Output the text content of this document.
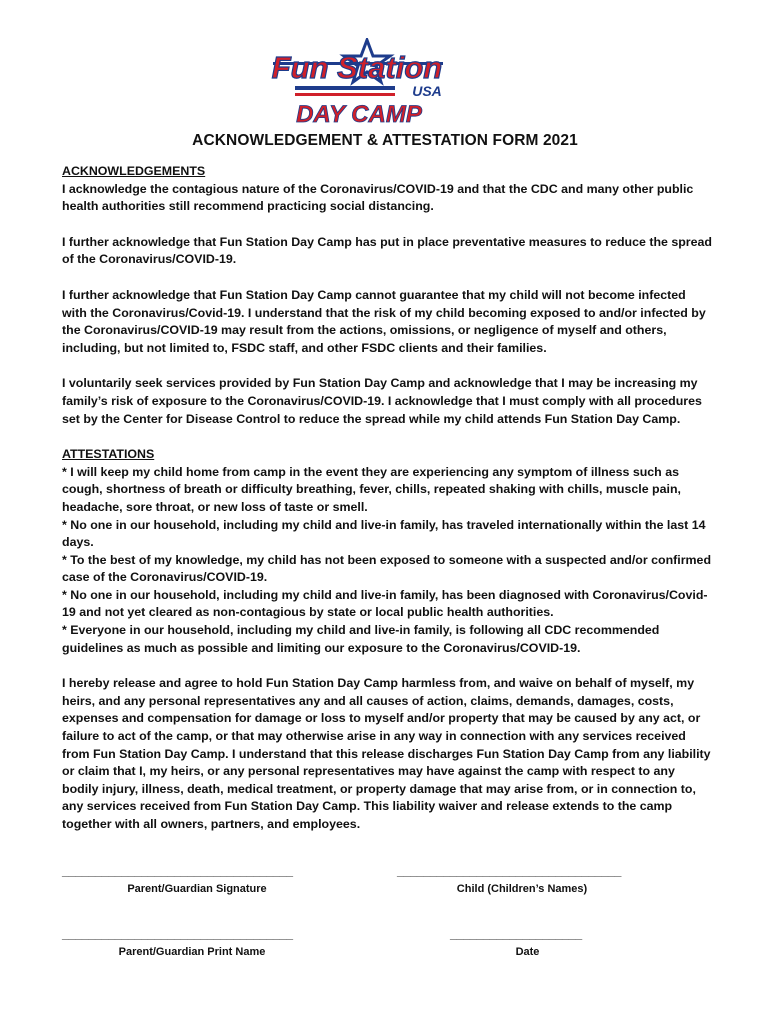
Fun Station
USA
DAY CAMP
ACKNOWLEDGEMENT & ATTESTATION FORM 2021

ACKNOWLEDGEMENTS
I acknowledge the contagious nature of the Coronavirus/COVID-19 and that the CDC and many other public health authorities still recommend practicing social distancing.

I further acknowledge that Fun Station Day Camp has put in place preventative measures to reduce the spread of the Coronavirus/COVID-19.

I further acknowledge that Fun Station Day Camp cannot guarantee that my child will not become infected with the Coronavirus/Covid-19. I understand that the risk of my child becoming exposed to and/or infected by the Coronavirus/COVID-19 may result from the actions, omissions, or negligence of myself and others, including, but not limited to, FSDC staff, and other FSDC clients and their families.

I voluntarily seek services provided by Fun Station Day Camp and acknowledge that I may be increasing my family’s risk of exposure to the Coronavirus/COVID-19. I acknowledge that I must comply with all procedures set by the Center for Disease Control to reduce the spread while my child attends Fun Station Day Camp.

ATTESTATIONS
* I will keep my child home from camp in the event they are experiencing any symptom of illness such as cough, shortness of breath or difficulty breathing, fever, chills, repeated shaking with chills, muscle pain, headache, sore throat, or new loss of taste or smell.
* No one in our household, including my child and live-in family, has traveled internationally within the last 14 days.
* To the best of my knowledge, my child has not been exposed to someone with a suspected and/or confirmed case of the Coronavirus/COVID-19.
* No one in our household, including my child and live-in family, has been diagnosed with Coronavirus/Covid-19 and not yet cleared as non-contagious by state or local public health authorities.
* Everyone in our household, including my child and live-in family, is following all CDC recommended guidelines as much as possible and limiting our exposure to the Coronavirus/COVID-19.

I hereby release and agree to hold Fun Station Day Camp harmless from, and waive on behalf of myself, my heirs, and any personal representatives any and all causes of action, claims, demands, damages, costs, expenses and compensation for damage or loss to myself and/or property that may be caused by any act, or failure to act of the camp, or that may otherwise arise in any way in connection with any services received from Fun Station Day Camp. I understand that this release discharges Fun Station Day Camp from any liability or claim that I, my heirs, or any personal representatives may have against the camp with respect to any bodily injury, illness, death, medical treatment, or property damage that may arise from, or in connection to, any services received from Fun Station Day Camp. This liability waiver and release extends to the camp together with all owners, partners, and employees.

___________________________________
Parent/Guardian Signature
__________________________________
Child (Children’s Names)
___________________________________
Parent/Guardian Print Name
____________________
Date
